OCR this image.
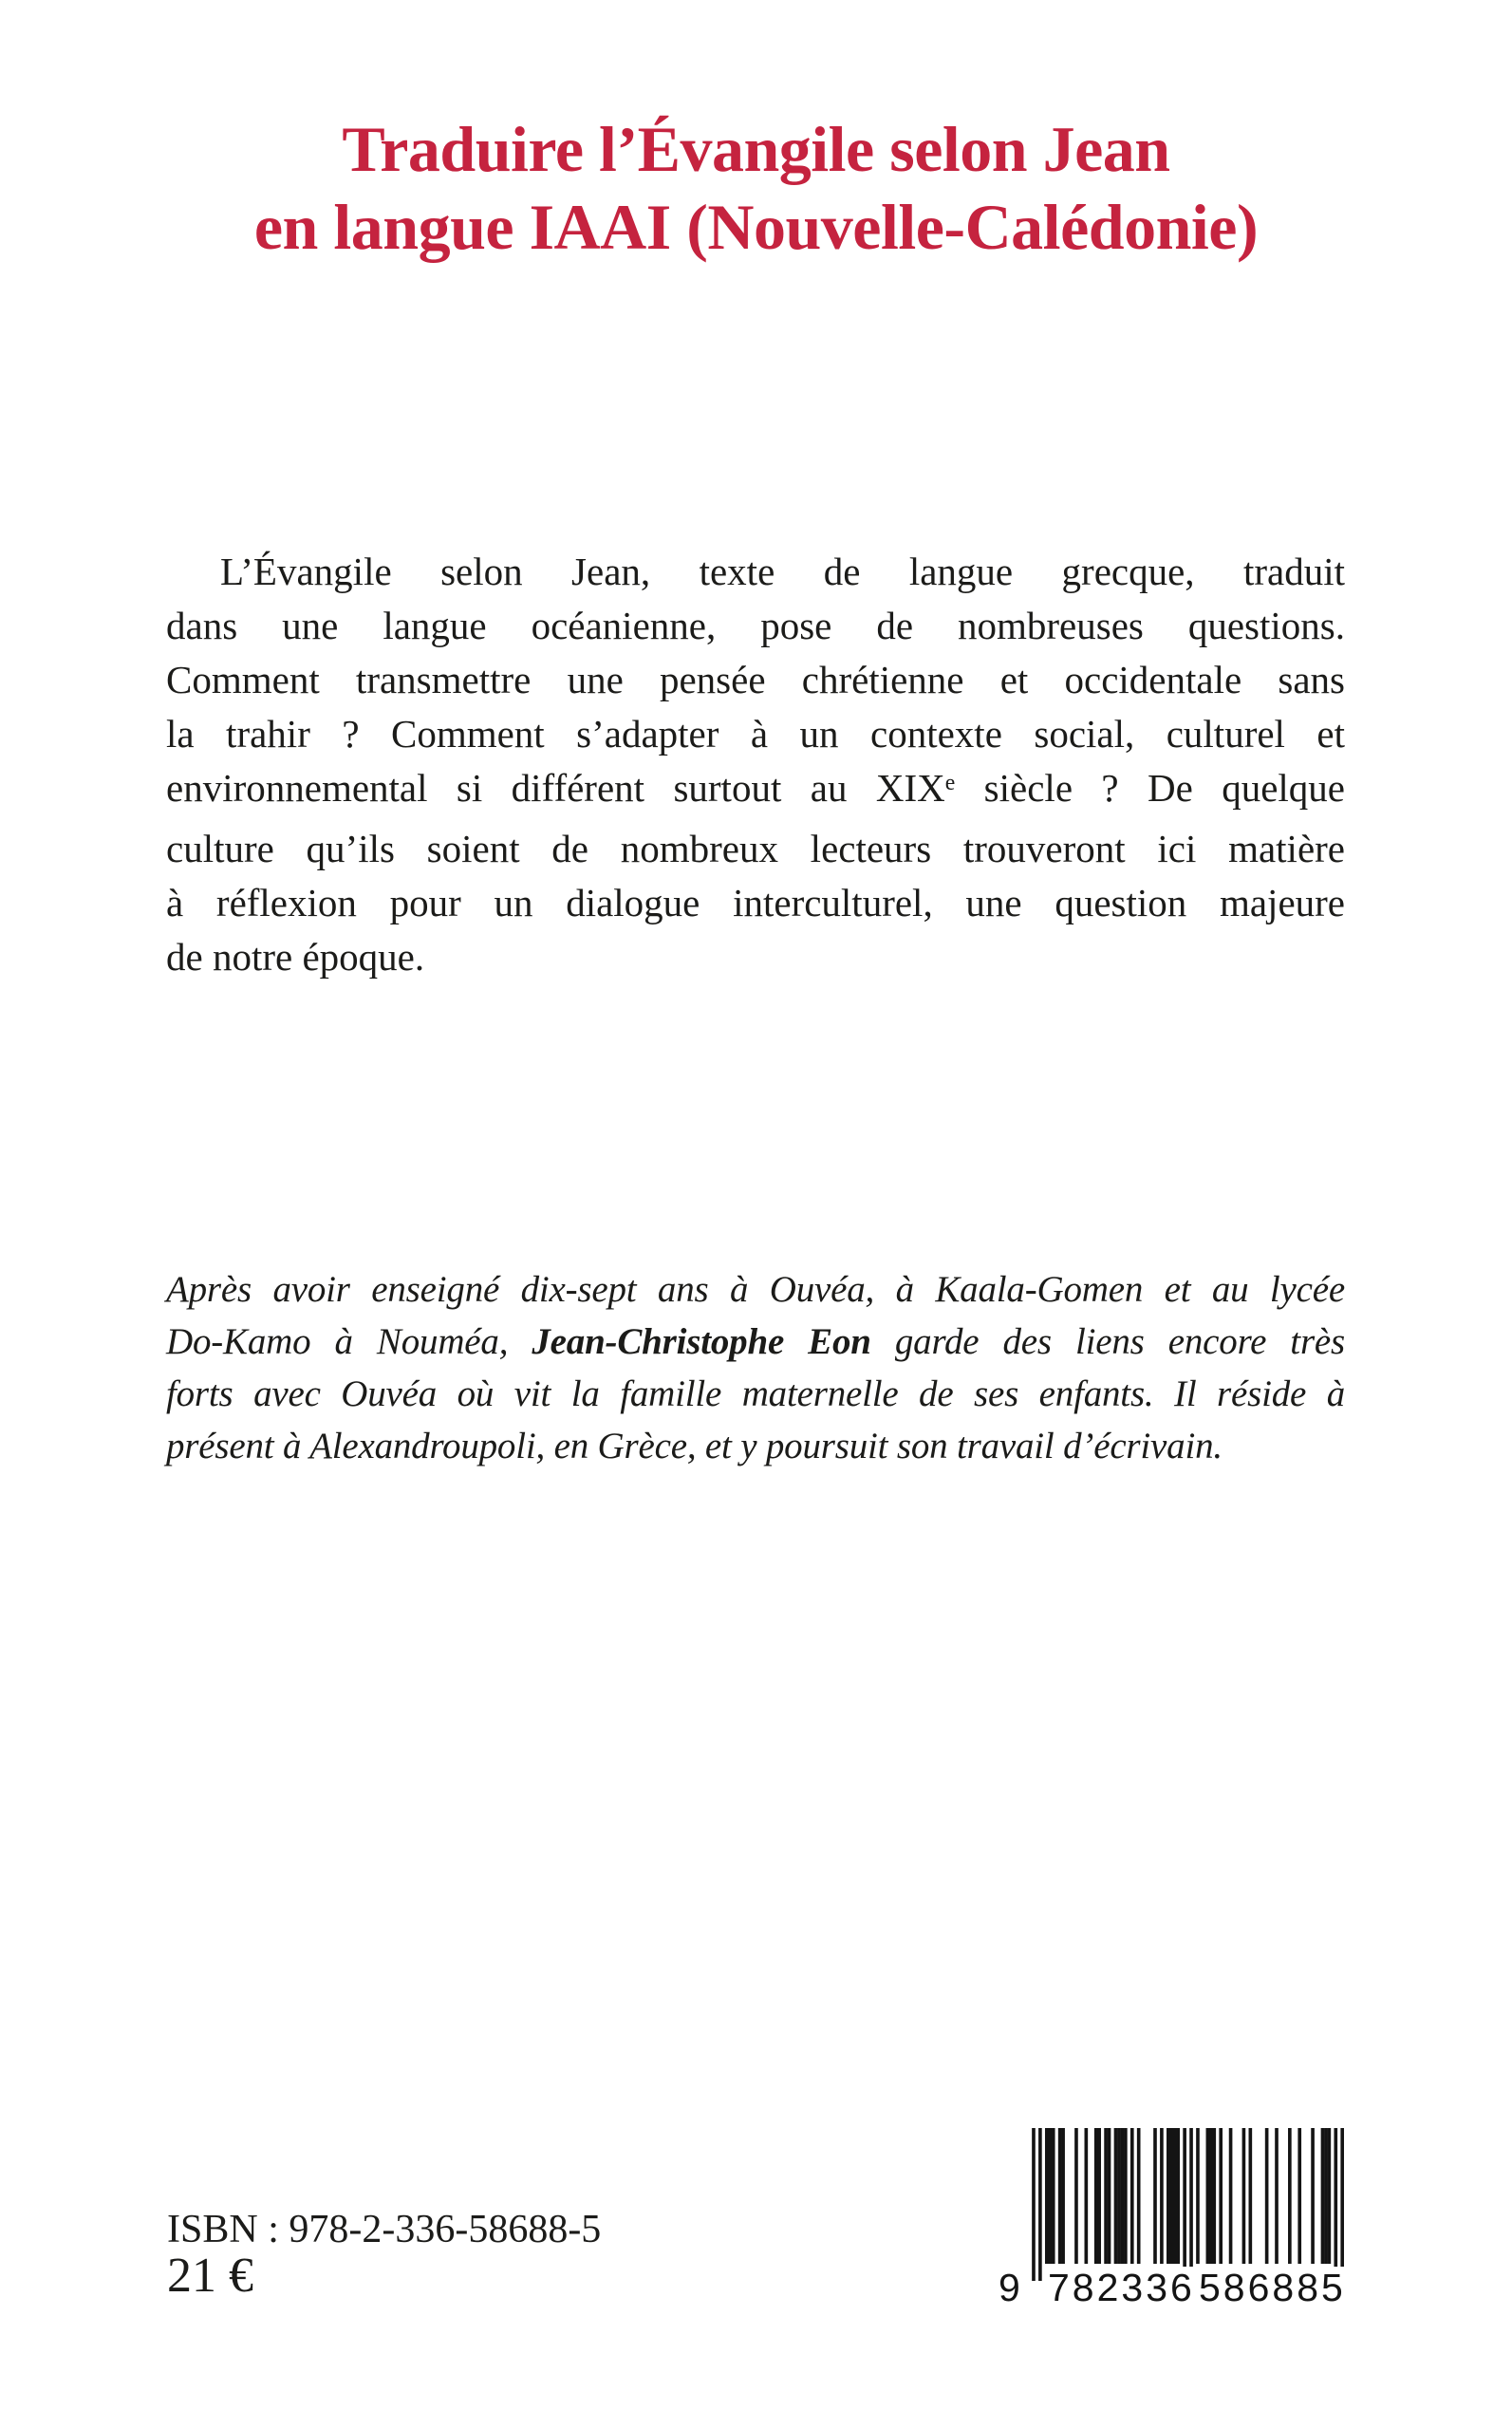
Traduire l’Évangile selon Jean
en langue IAAI (Nouvelle-Calédonie)
L’Évangile selon Jean, texte de langue grecque, traduit
dans une langue océanienne, pose de nombreuses questions.
Comment transmettre une pensée chrétienne et occidentale sans
la trahir ? Comment s’adapter à un contexte social, culturel et
environnemental si différent surtout au XIXe siècle ? De quelque
culture qu’ils soient de nombreux lecteurs trouveront ici matière
à réflexion pour un dialogue interculturel, une question majeure
de notre époque.
Après avoir enseigné dix-sept ans à Ouvéa, à Kaala-Gomen et au lycée
Do-Kamo à Nouméa, Jean-Christophe Eon garde des liens encore très
forts avec Ouvéa où vit la famille maternelle de ses enfants. Il réside à
présent à Alexandroupoli, en Grèce, et y poursuit son travail d’écrivain.
ISBN : 978-2-336-58688-5
21 €	9 782336 586885
